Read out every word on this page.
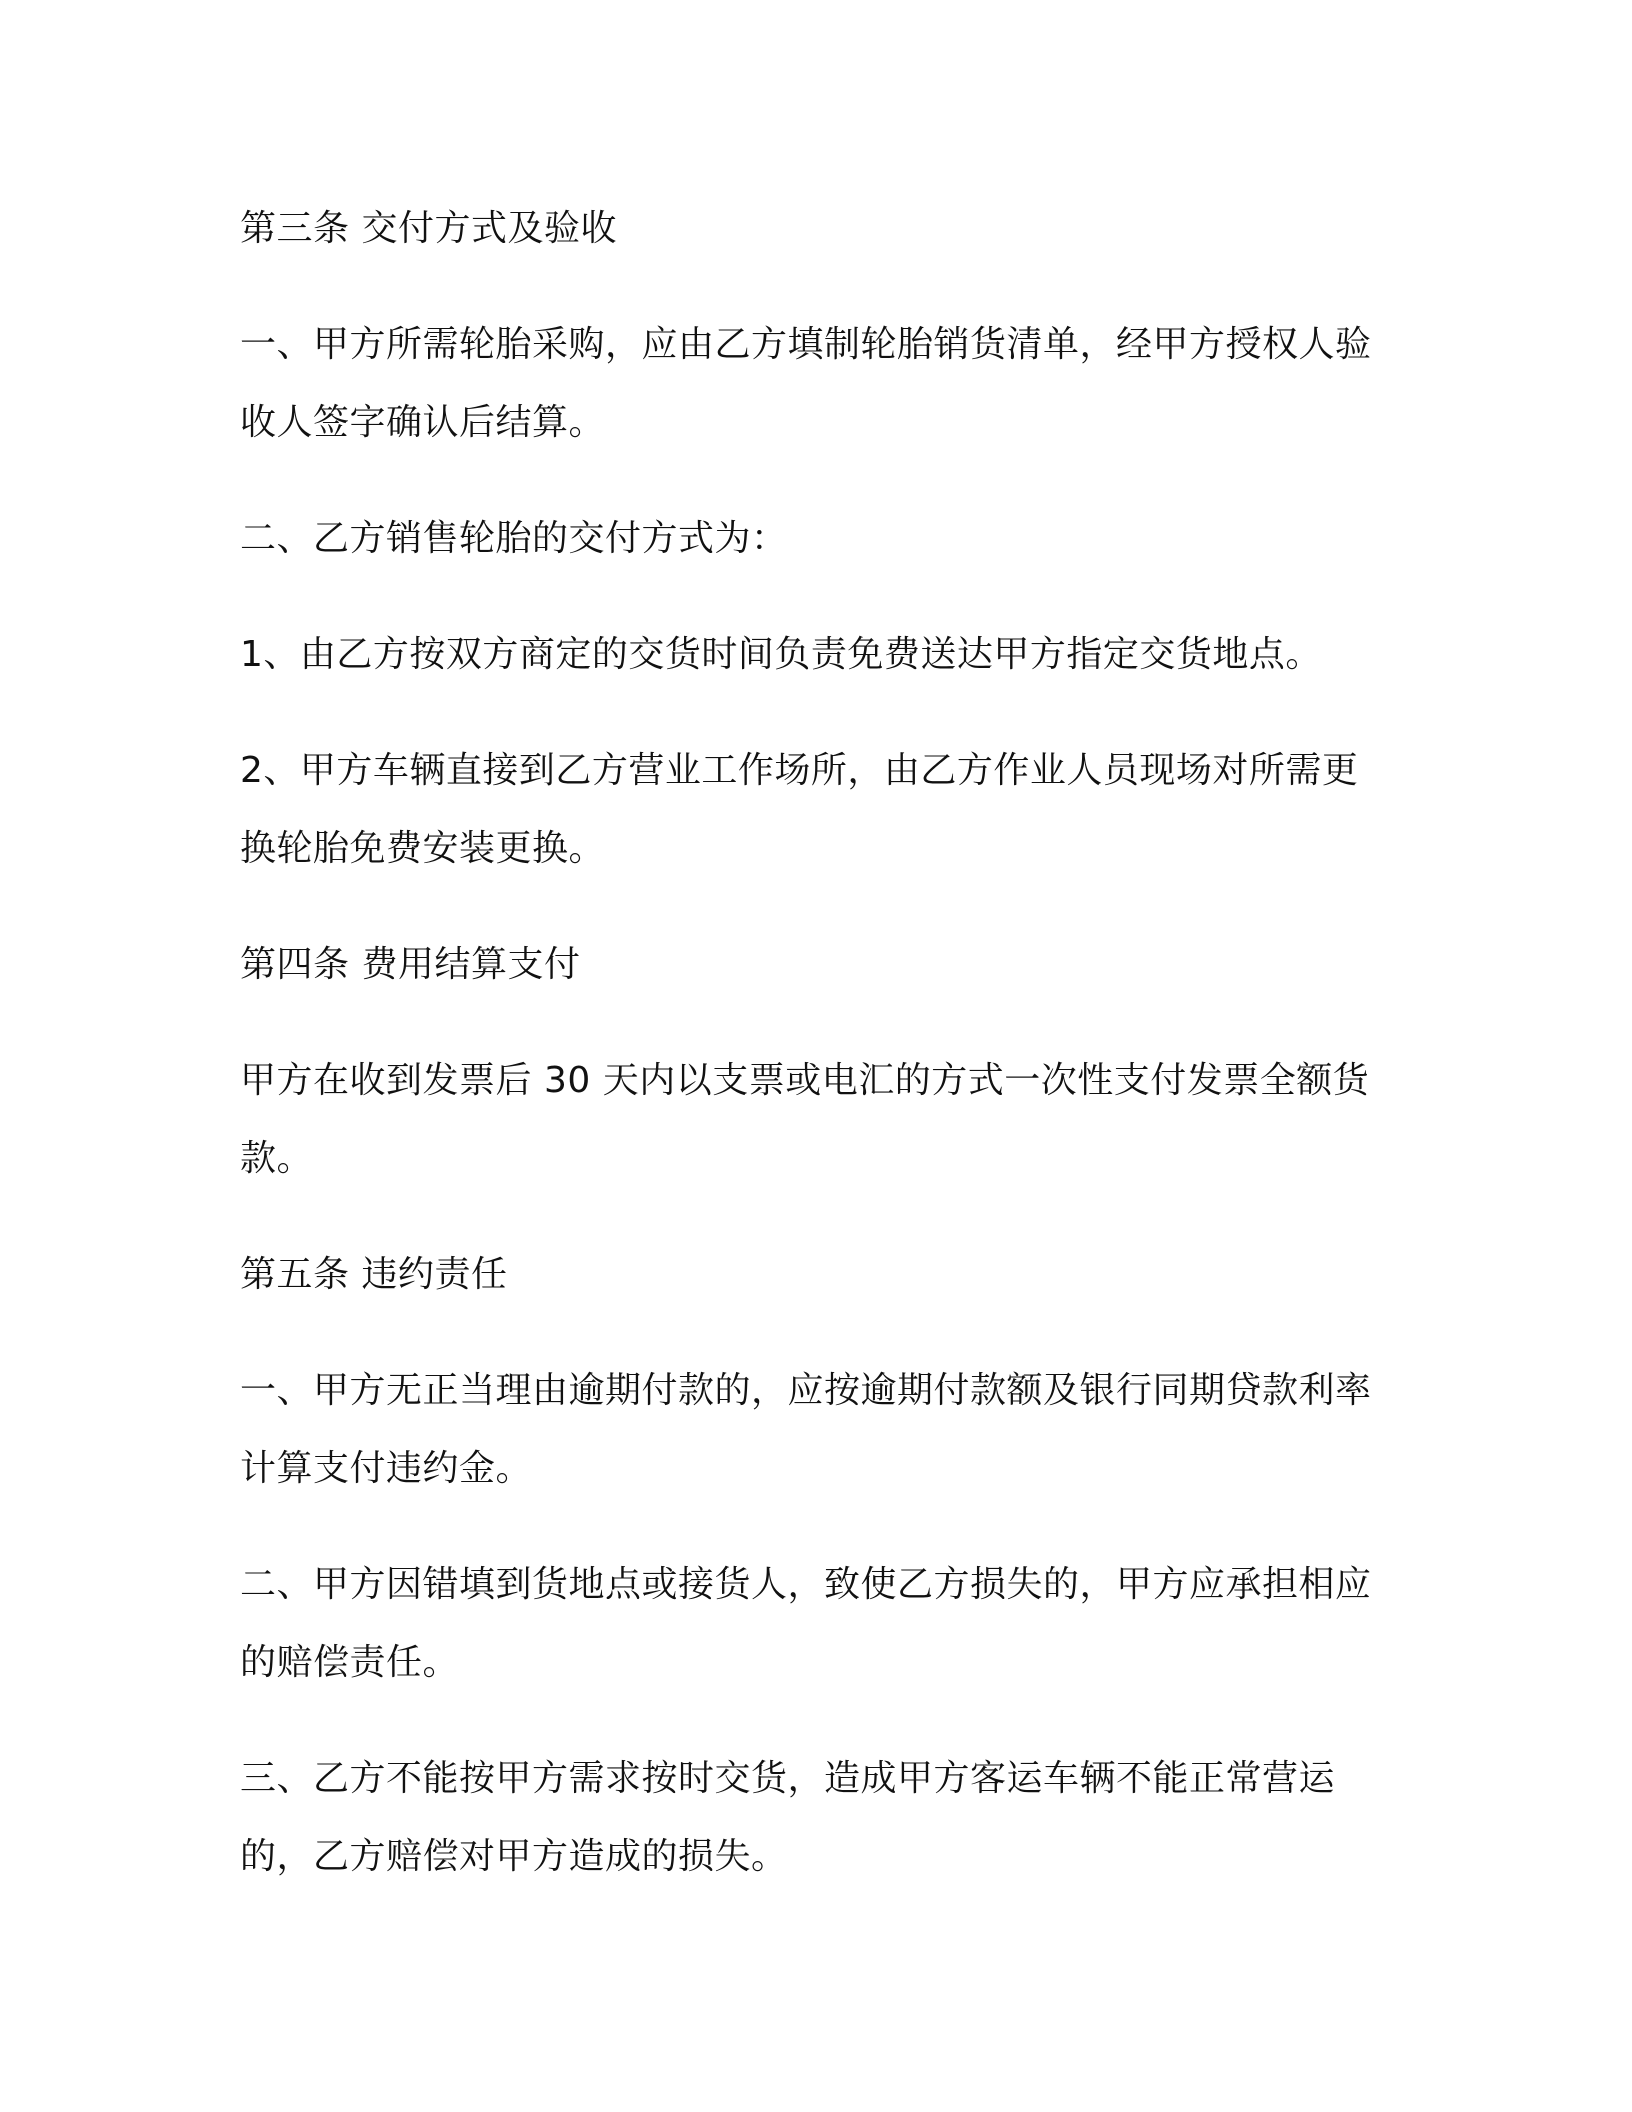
第三条 交付方式及验收
一、甲方所需轮胎采购，应由乙方填制轮胎销货清单，经甲方授权人验收人签字确认后结算。
二、乙方销售轮胎的交付方式为：
1、由乙方按双方商定的交货时间负责免费送达甲方指定交货地点。
2、甲方车辆直接到乙方营业工作场所，由乙方作业人员现场对所需更换轮胎免费安装更换。
第四条 费用结算支付
甲方在收到发票后 30 天内以支票或电汇的方式一次性支付发票全额货款。
第五条 违约责任
一、甲方无正当理由逾期付款的，应按逾期付款额及银行同期贷款利率计算支付违约金。
二、甲方因错填到货地点或接货人，致使乙方损失的，甲方应承担相应的赔偿责任。
三、乙方不能按甲方需求按时交货，造成甲方客运车辆不能正常营运的，乙方赔偿对甲方造成的损失。
